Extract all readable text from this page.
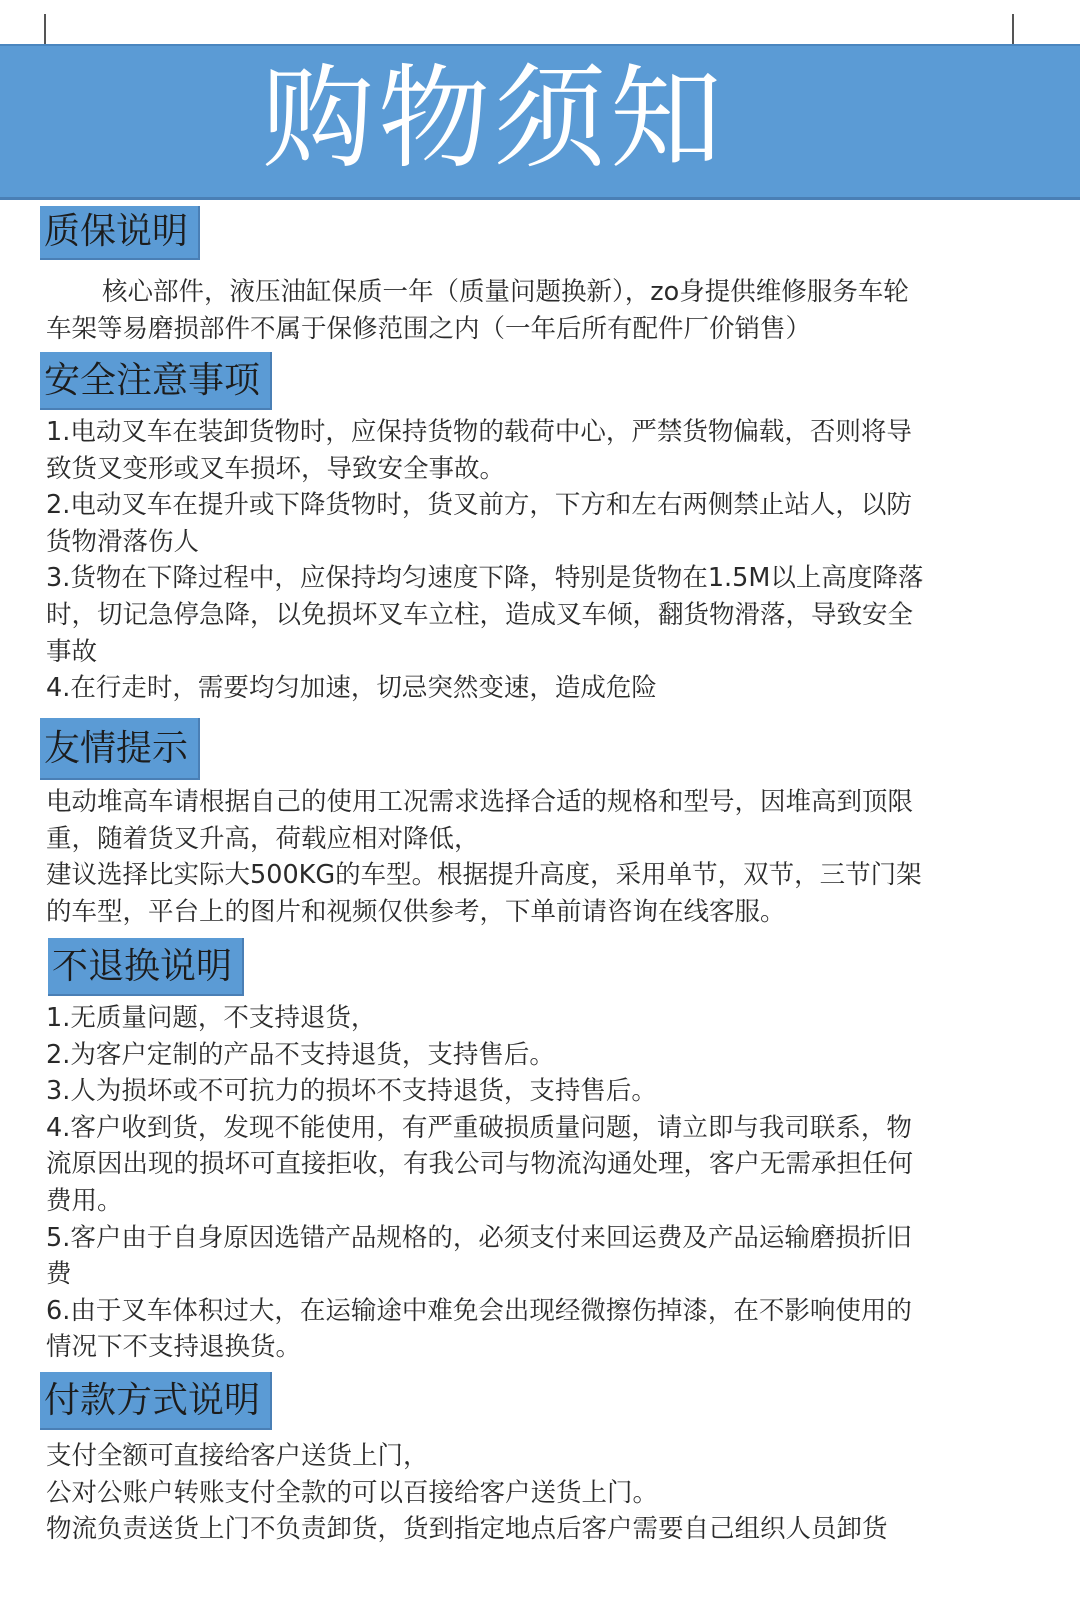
购物须知
质保说明
核心部件，液压油缸保质一年（质量问题换新），zo身提供维修服务车轮
车架等易磨损部件不属于保修范围之内（一年后所有配件厂价销售）
安全注意事项
1.电动叉车在装卸货物时，应保持货物的载荷中心，严禁货物偏载，否则将导
致货叉变形或叉车损坏，导致安全事故。
2.电动叉车在提升或下降货物时，货叉前方，下方和左右两侧禁止站人，以防
货物滑落伤人
3.货物在下降过程中，应保持均匀速度下降，特别是货物在1.5M以上高度降落
时，切记急停急降，以免损坏叉车立柱，造成叉车倾，翻货物滑落，导致安全
事故
4.在行走时，需要均匀加速，切忌突然变速，造成危险
友情提示
电动堆高车请根据自己的使用工况需求选择合适的规格和型号，因堆高到顶限
重，随着货叉升高，荷载应相对降低，
建议选择比实际大500KG的车型。根据提升高度，采用单节，双节，三节门架
的车型，平台上的图片和视频仅供参考，下单前请咨询在线客服。
不退换说明
1.无质量问题，不支持退货，
2.为客户定制的产品不支持退货，支持售后。
3.人为损坏或不可抗力的损坏不支持退货，支持售后。
4.客户收到货，发现不能使用，有严重破损质量问题，请立即与我司联系，物
流原因出现的损坏可直接拒收，有我公司与物流沟通处理，客户无需承担任何
费用。
5.客户由于自身原因选错产品规格的，必须支付来回运费及产品运输磨损折旧
费
6.由于叉车体积过大，在运输途中难免会出现经微擦伤掉漆，在不影响使用的
情况下不支持退换货。
付款方式说明
支付全额可直接给客户送货上门，
公对公账户转账支付全款的可以百接给客户送货上门。
物流负责送货上门不负责卸货，货到指定地点后客户需要自己组织人员卸货
